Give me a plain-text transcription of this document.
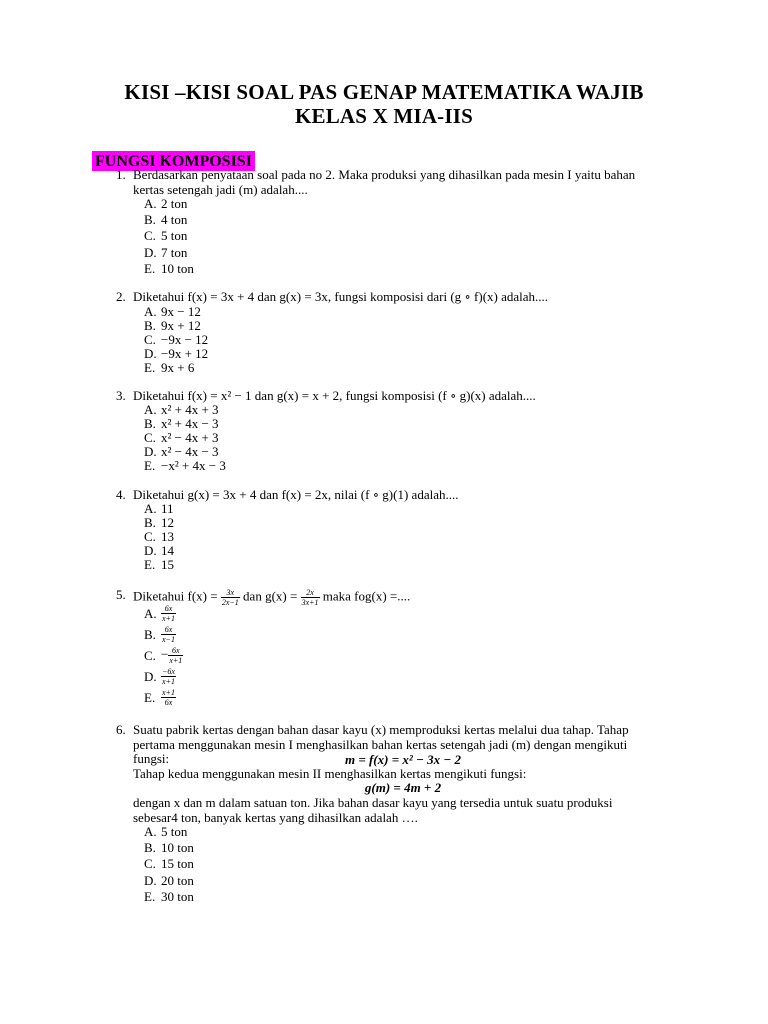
KISI –KISI SOAL PAS GENAP MATEMATIKA WAJIB
KELAS X MIA-IIS
FUNGSI KOMPOSISI
1. Berdasarkan penyataan soal pada no 2. Maka produksi yang dihasilkan pada mesin I yaitu bahan
kertas setengah jadi (m) adalah....
A. 2 ton
B. 4 ton
C. 5 ton
D. 7 ton
E. 10 ton
2. Diketahui f(x) = 3x + 4 dan g(x) = 3x, fungsi komposisi dari (g ∘ f)(x) adalah....
A. 9x − 12
B. 9x + 12
C. −9x − 12
D. −9x + 12
E. 9x + 6
3. Diketahui f(x) = x² − 1 dan g(x) = x + 2, fungsi komposisi (f ∘ g)(x) adalah....
A. x² + 4x + 3
B. x² + 4x − 3
C. x² − 4x + 3
D. x² − 4x − 3
E. −x² + 4x − 3
4. Diketahui g(x) = 3x + 4 dan f(x) = 2x, nilai (f ∘ g)(1) adalah....
A. 11
B. 12
C. 13
D. 14
E. 15
5. Diketahui $f(x) = \frac{3x}{2x-1}$ dan $g(x) = \frac{2x}{3x+1}$ maka fog(x) =....
A. $\frac{6x}{x+1}$
B. $\frac{6x}{x-1}$
C. − $\frac{6x}{x+1}$
D. $\frac{-6x}{x+1}$
E. $\frac{x+1}{6x}$
6. Suatu pabrik kertas dengan bahan dasar kayu (x) memproduksi kertas melalui dua tahap. Tahap
pertama menggunakan mesin I menghasilkan bahan kertas setengah jadi (m) dengan mengikuti
fungsi:
Tahap kedua menggunakan mesin II menghasilkan kertas mengikuti fungsi:
m = f(x) = x² − 3x − 2
g(m) = 4m + 2
dengan x dan m dalam satuan ton. Jika bahan dasar kayu yang tersedia untuk suatu produksi
sebesar4 ton, banyak kertas yang dihasilkan adalah ….
A. 5 ton
B. 10 ton
C. 15 ton
D. 20 ton
E. 30 ton
